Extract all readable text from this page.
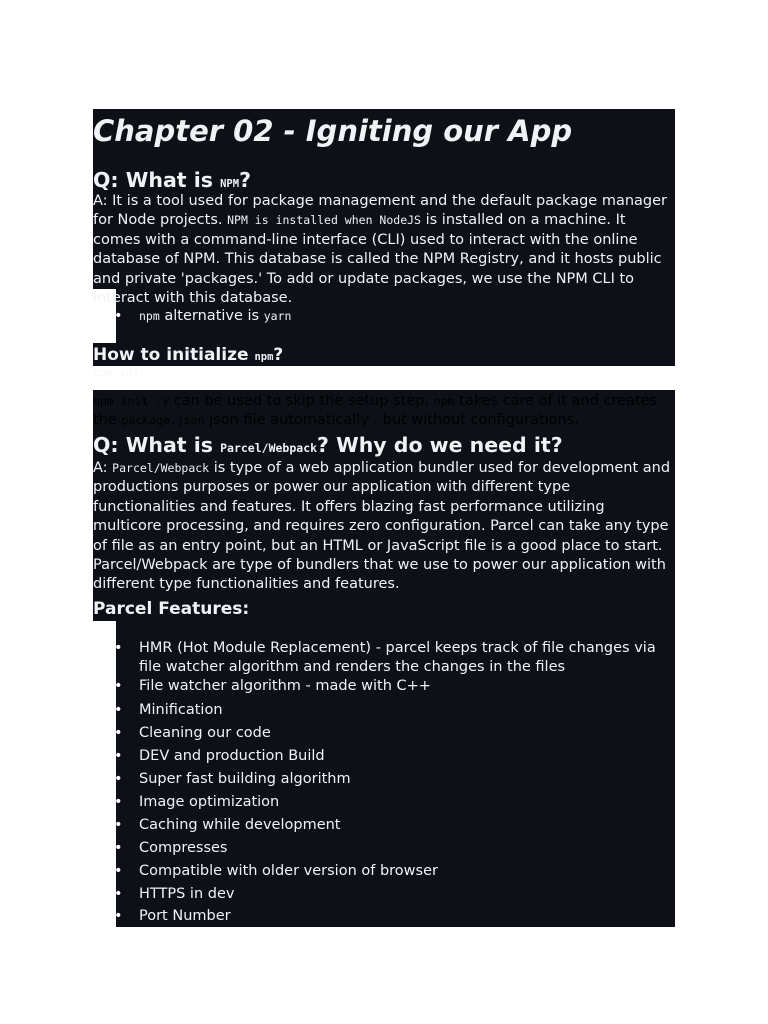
Chapter 02 - Igniting our App
Q: What is NPM?

A: It is a tool used for package management and the default package manager for Node projects. NPM is installed when NodeJS is installed on a machine. It comes with a command-line interface (CLI) used to interact with the online database of NPM. This database is called the NPM Registry, and it hosts public and private 'packages.' To add or update packages, we use the NPM CLI to interact with this database.

• npm alternative is yarn
How to initialize npm?
npm init

npm init -y can be used to skip the setup step, npm takes care of it and creates the package.json json file automatically , but without configurations.

Q: What is Parcel/Webpack? Why do we need it?

A: Parcel/Webpack is type of a web application bundler used for development and productions purposes or power our application with different type functionalities and features. It offers blazing fast performance utilizing multicore processing, and requires zero configuration. Parcel can take any type of file as an entry point, but an HTML or JavaScript file is a good place to start. Parcel/Webpack are type of bundlers that we use to power our application with different type functionalities and features.

Parcel Features:
• HMR (Hot Module Replacement) - parcel keeps track of file changes via file watcher algorithm and renders the changes in the files
• File watcher algorithm - made with C++
• Minification
• Cleaning our code
• DEV and production Build
• Super fast building algorithm
• Image optimization
• Caching while development
• Compresses
• Compatible with older version of browser
• HTTPS in dev
• Port Number
